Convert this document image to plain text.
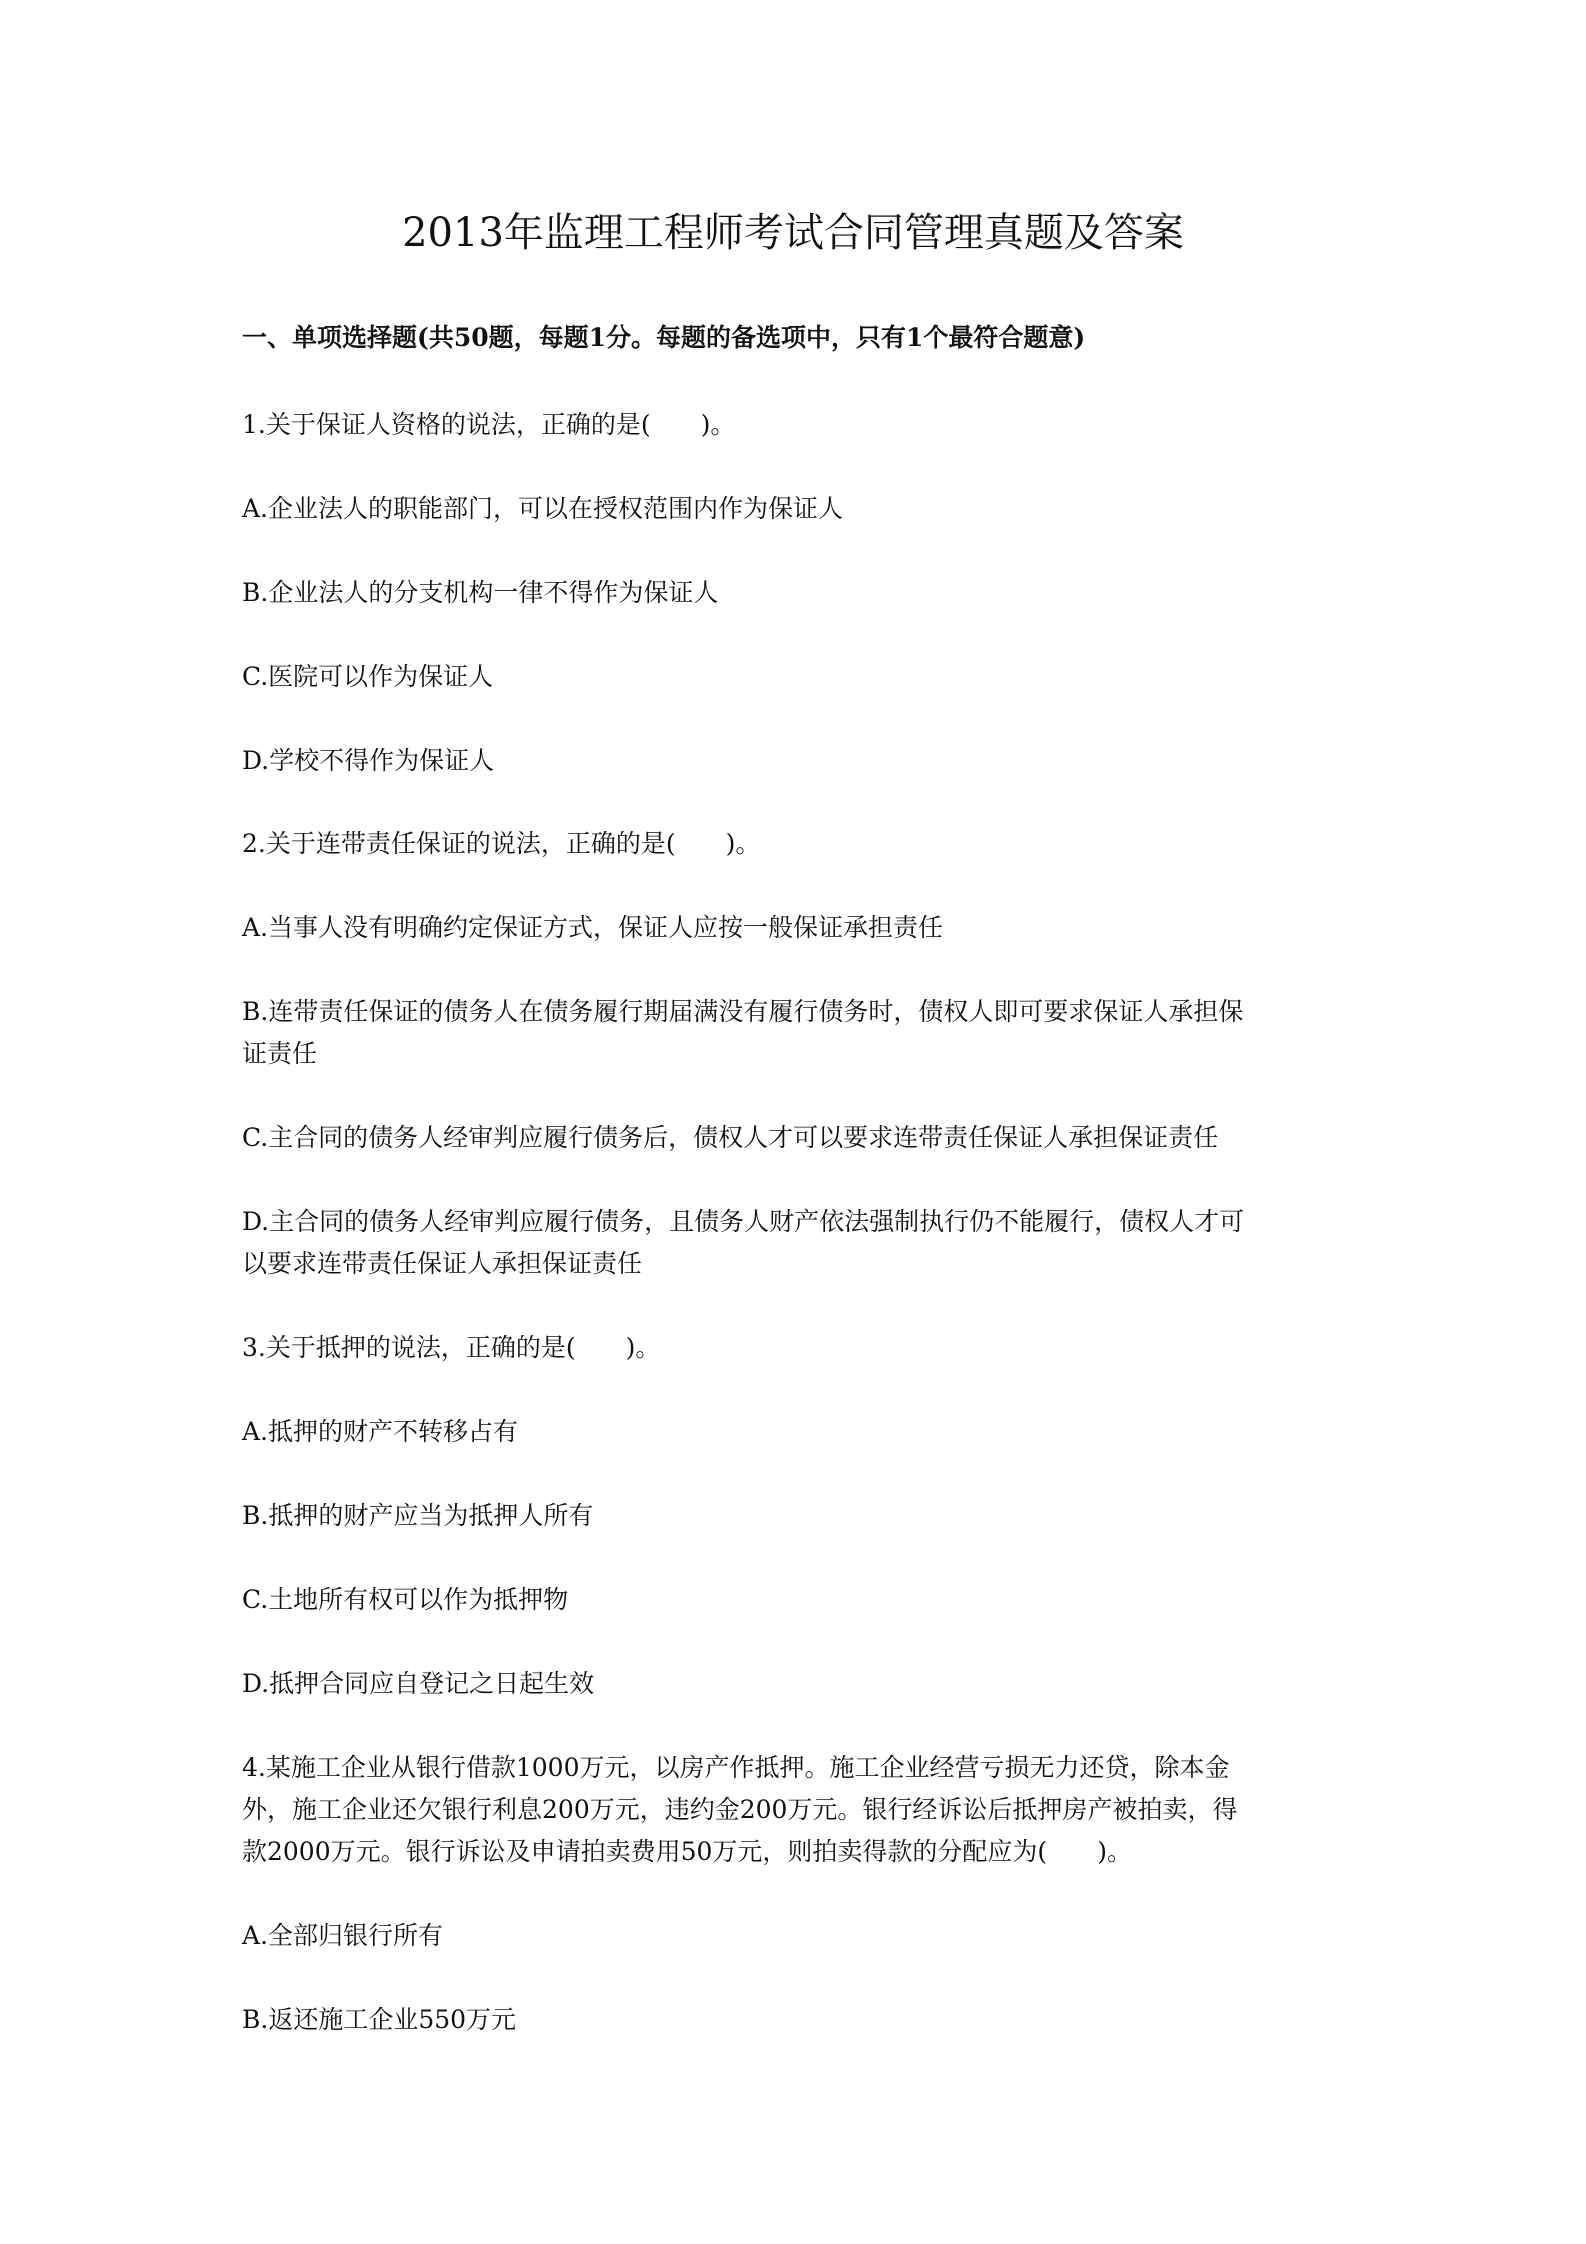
2013年监理工程师考试合同管理真题及答案

一、单项选择题(共50题，每题1分。每题的备选项中，只有1个最符合题意)

1.关于保证人资格的说法，正确的是(　　)。

A.企业法人的职能部门，可以在授权范围内作为保证人

B.企业法人的分支机构一律不得作为保证人

C.医院可以作为保证人

D.学校不得作为保证人

2.关于连带责任保证的说法，正确的是(　　)。

A.当事人没有明确约定保证方式，保证人应按一般保证承担责任

B.连带责任保证的债务人在债务履行期届满没有履行债务时，债权人即可要求保证人承担保

证责任

C.主合同的债务人经审判应履行债务后，债权人才可以要求连带责任保证人承担保证责任

D.主合同的债务人经审判应履行债务，且债务人财产依法强制执行仍不能履行，债权人才可

以要求连带责任保证人承担保证责任

3.关于抵押的说法，正确的是(　　)。

A.抵押的财产不转移占有

B.抵押的财产应当为抵押人所有

C.土地所有权可以作为抵押物

D.抵押合同应自登记之日起生效

4.某施工企业从银行借款1000万元，以房产作抵押。施工企业经营亏损无力还贷，除本金

外，施工企业还欠银行利息200万元，违约金200万元。银行经诉讼后抵押房产被拍卖，得

款2000万元。银行诉讼及申请拍卖费用50万元，则拍卖得款的分配应为(　　)。

A.全部归银行所有

B.返还施工企业550万元
